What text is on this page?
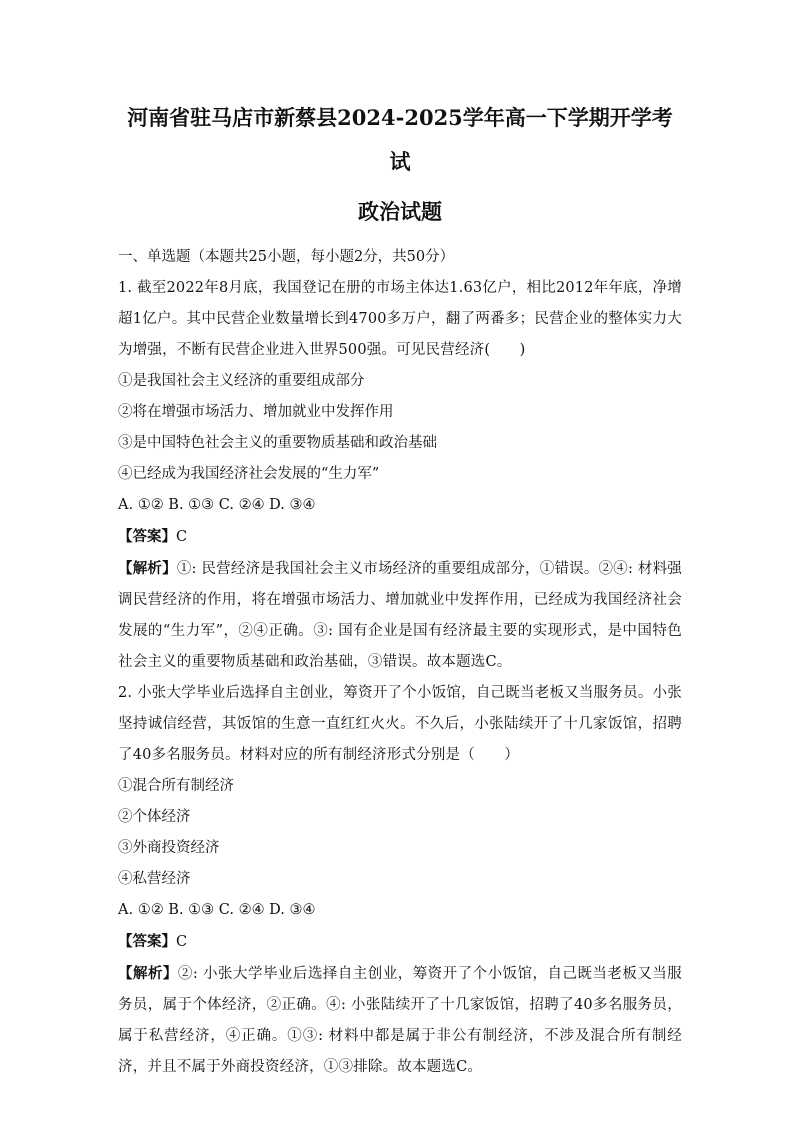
河南省驻马店市新蔡县2024-2025学年高一下学期开学考试
政治试题

一、单选题（本题共25小题，每小题2分，共50分）

1. 截至2022年8月底，我国登记在册的市场主体达1.63亿户，相比2012年年底，净增超1亿户。其中民营企业数量增长到4700多万户，翻了两番多；民营企业的整体实力大为增强，不断有民营企业进入世界500强。可见民营经济(　　)

①是我国社会主义经济的重要组成部分

②将在增强市场活力、增加就业中发挥作用

③是中国特色社会主义的重要物质基础和政治基础

④已经成为我国经济社会发展的“生力军”

A. ①② B. ①③ C. ②④ D. ③④

【答案】C

【解析】①: 民营经济是我国社会主义市场经济的重要组成部分，①错误。②④: 材料强调民营经济的作用，将在增强市场活力、增加就业中发挥作用，已经成为我国经济社会发展的“生力军”，②④正确。③: 国有企业是国有经济最主要的实现形式，是中国特色社会主义的重要物质基础和政治基础，③错误。故本题选C。

2. 小张大学毕业后选择自主创业，筹资开了个小饭馆，自己既当老板又当服务员。小张坚持诚信经营，其饭馆的生意一直红红火火。不久后，小张陆续开了十几家饭馆，招聘了40多名服务员。材料对应的所有制经济形式分别是（　　）

①混合所有制经济

②个体经济

③外商投资经济

④私营经济

A. ①② B. ①③ C. ②④ D. ③④

【答案】C

【解析】②: 小张大学毕业后选择自主创业，筹资开了个小饭馆，自己既当老板又当服务员，属于个体经济，②正确。④: 小张陆续开了十几家饭馆，招聘了40多名服务员，属于私营经济，④正确。①③: 材料中都是属于非公有制经济，不涉及混合所有制经济，并且不属于外商投资经济，①③排除。故本题选C。
